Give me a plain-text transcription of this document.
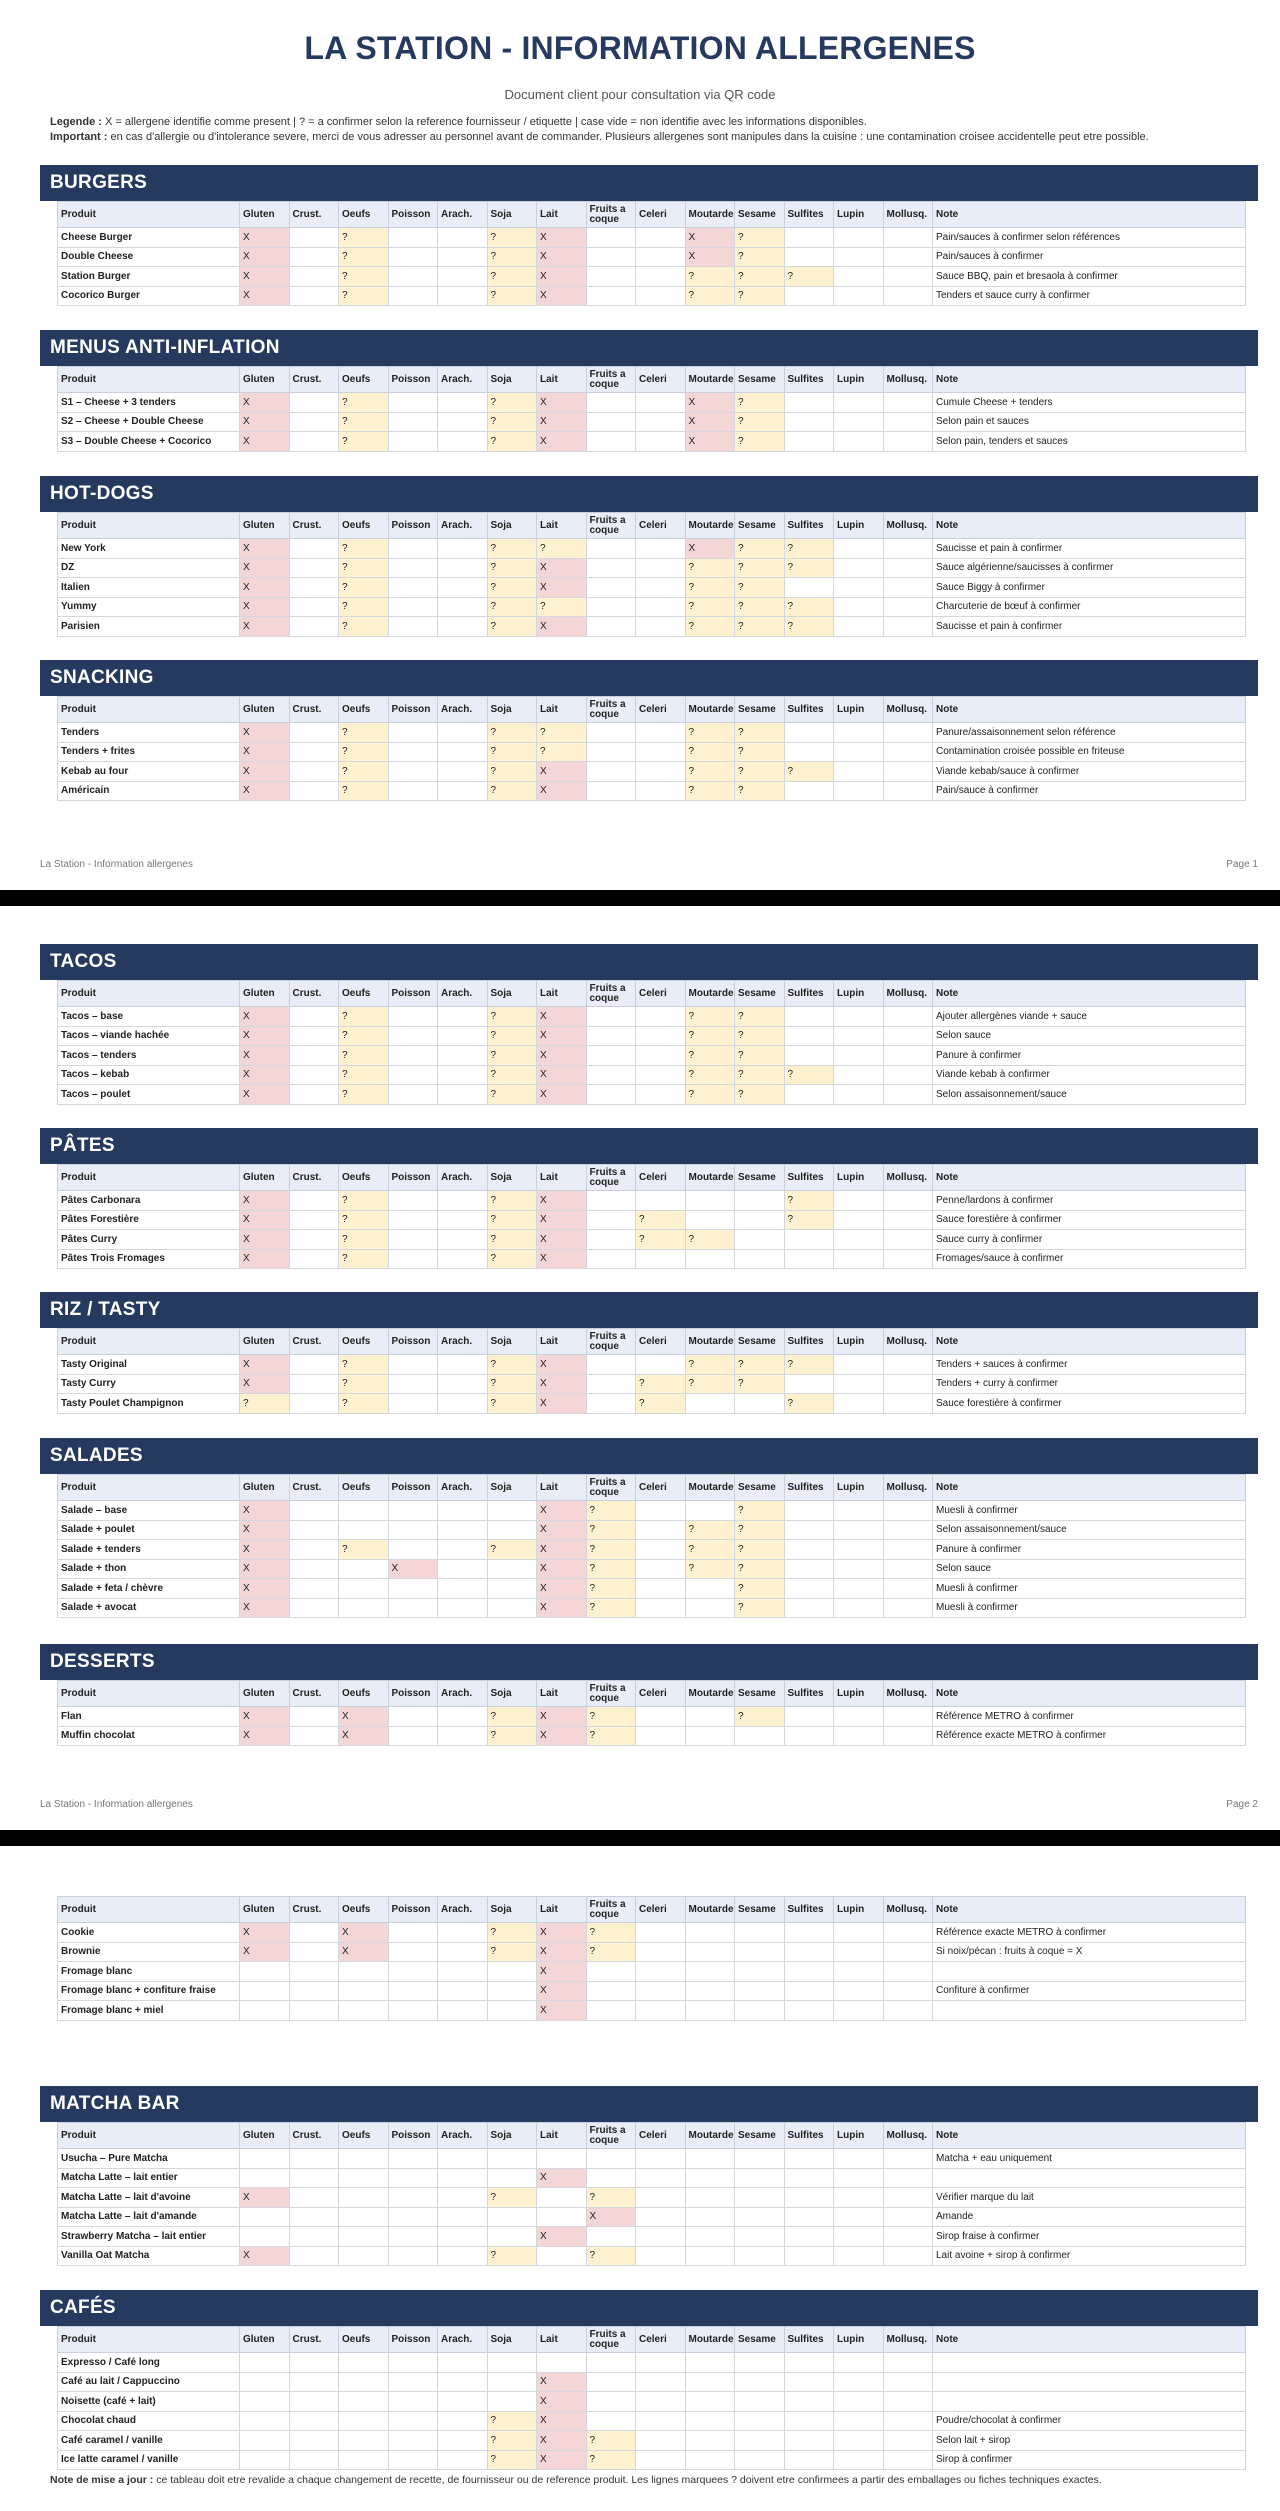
LA STATION - INFORMATION ALLERGENES
Document client pour consultation via QR code
Legende : X = allergene identifie comme present | ? = a confirmer selon la reference fournisseur / etiquette | case vide = non identifie avec les informations disponibles.
Important : en cas d'allergie ou d'intolerance severe, merci de vous adresser au personnel avant de commander. Plusieurs allergenes sont manipules dans la cuisine : une contamination croisee accidentelle peut etre possible.
BURGERS
Produit	Gluten	Crust.	Oeufs	Poisson	Arach.	Soja	Lait	Fruits a coque	Celeri	Moutarde	Sesame	Sulfites	Lupin	Mollusq.	Note
Cheese Burger	X		?			?	X			X	?				Pain/sauces à confirmer selon références
Double Cheese	X		?			?	X			X	?				Pain/sauces à confirmer
Station Burger	X		?			?	X			?	?	?			Sauce BBQ, pain et bresaola à confirmer
Cocorico Burger	X		?			?	X			?	?				Tenders et sauce curry à confirmer
MENUS ANTI-INFLATION
Produit	Gluten	Crust.	Oeufs	Poisson	Arach.	Soja	Lait	Fruits a coque	Celeri	Moutarde	Sesame	Sulfites	Lupin	Mollusq.	Note
S1 – Cheese + 3 tenders	X		?			?	X			X	?				Cumule Cheese + tenders
S2 – Cheese + Double Cheese	X		?			?	X			X	?				Selon pain et sauces
S3 – Double Cheese + Cocorico	X		?			?	X			X	?				Selon pain, tenders et sauces
HOT-DOGS
Produit	Gluten	Crust.	Oeufs	Poisson	Arach.	Soja	Lait	Fruits a coque	Celeri	Moutarde	Sesame	Sulfites	Lupin	Mollusq.	Note
New York	X		?			?	?			X	?	?			Saucisse et pain à confirmer
DZ	X		?			?	X			?	?	?			Sauce algérienne/saucisses à confirmer
Italien	X		?			?	X			?	?				Sauce Biggy à confirmer
Yummy	X		?			?	?			?	?	?			Charcuterie de bœuf à confirmer
Parisien	X		?			?	X			?	?	?			Saucisse et pain à confirmer
SNACKING
Produit	Gluten	Crust.	Oeufs	Poisson	Arach.	Soja	Lait	Fruits a coque	Celeri	Moutarde	Sesame	Sulfites	Lupin	Mollusq.	Note
Tenders	X		?			?	?			?	?				Panure/assaisonnement selon référence
Tenders + frites	X		?			?	?			?	?				Contamination croisée possible en friteuse
Kebab au four	X		?			?	X			?	?	?			Viande kebab/sauce à confirmer
Américain	X		?			?	X			?	?				Pain/sauce à confirmer
La Station - Information allergenes	Page 1
TACOS
Produit	Gluten	Crust.	Oeufs	Poisson	Arach.	Soja	Lait	Fruits a coque	Celeri	Moutarde	Sesame	Sulfites	Lupin	Mollusq.	Note
Tacos – base	X		?			?	X			?	?				Ajouter allergènes viande + sauce
Tacos – viande hachée	X		?			?	X			?	?				Selon sauce
Tacos – tenders	X		?			?	X			?	?				Panure à confirmer
Tacos – kebab	X		?			?	X			?	?	?			Viande kebab à confirmer
Tacos – poulet	X		?			?	X			?	?				Selon assaisonnement/sauce
PÂTES
Produit	Gluten	Crust.	Oeufs	Poisson	Arach.	Soja	Lait	Fruits a coque	Celeri	Moutarde	Sesame	Sulfites	Lupin	Mollusq.	Note
Pâtes Carbonara	X		?			?	X					?			Penne/lardons à confirmer
Pâtes Forestière	X		?			?	X		?			?			Sauce forestière à confirmer
Pâtes Curry	X		?			?	X		?	?					Sauce curry à confirmer
Pâtes Trois Fromages	X		?			?	X								Fromages/sauce à confirmer
RIZ / TASTY
Produit	Gluten	Crust.	Oeufs	Poisson	Arach.	Soja	Lait	Fruits a coque	Celeri	Moutarde	Sesame	Sulfites	Lupin	Mollusq.	Note
Tasty Original	X		?			?	X			?	?	?			Tenders + sauces à confirmer
Tasty Curry	X		?			?	X		?	?	?				Tenders + curry à confirmer
Tasty Poulet Champignon	?		?			?	X		?			?			Sauce forestière à confirmer
SALADES
Produit	Gluten	Crust.	Oeufs	Poisson	Arach.	Soja	Lait	Fruits a coque	Celeri	Moutarde	Sesame	Sulfites	Lupin	Mollusq.	Note
Salade – base	X						X	?			?				Muesli à confirmer
Salade + poulet	X						X	?		?	?				Selon assaisonnement/sauce
Salade + tenders	X		?			?	X	?		?	?				Panure à confirmer
Salade + thon	X			X			X	?		?	?				Selon sauce
Salade + feta / chèvre	X						X	?			?				Muesli à confirmer
Salade + avocat	X						X	?			?				Muesli à confirmer
DESSERTS
Produit	Gluten	Crust.	Oeufs	Poisson	Arach.	Soja	Lait	Fruits a coque	Celeri	Moutarde	Sesame	Sulfites	Lupin	Mollusq.	Note
Flan	X		X			?	X	?			?				Référence METRO à confirmer
Muffin chocolat	X		X			?	X	?							Référence exacte METRO à confirmer
La Station - Information allergenes	Page 2
Produit	Gluten	Crust.	Oeufs	Poisson	Arach.	Soja	Lait	Fruits a coque	Celeri	Moutarde	Sesame	Sulfites	Lupin	Mollusq.	Note
Cookie	X		X			?	X	?							Référence exacte METRO à confirmer
Brownie	X		X			?	X	?							Si noix/pécan : fruits à coque = X
Fromage blanc							X								
Fromage blanc + confiture fraise							X								Confiture à confirmer
Fromage blanc + miel							X								
MATCHA BAR
Produit	Gluten	Crust.	Oeufs	Poisson	Arach.	Soja	Lait	Fruits a coque	Celeri	Moutarde	Sesame	Sulfites	Lupin	Mollusq.	Note
Usucha – Pure Matcha															Matcha + eau uniquement
Matcha Latte – lait entier							X								
Matcha Latte – lait d'avoine	X					?		?							Vérifier marque du lait
Matcha Latte – lait d'amande								X							Amande
Strawberry Matcha – lait entier							X								Sirop fraise à confirmer
Vanilla Oat Matcha	X					?		?							Lait avoine + sirop à confirmer
CAFÉS
Produit	Gluten	Crust.	Oeufs	Poisson	Arach.	Soja	Lait	Fruits a coque	Celeri	Moutarde	Sesame	Sulfites	Lupin	Mollusq.	Note
Expresso / Café long															
Café au lait / Cappuccino							X								
Noisette (café + lait)							X								
Chocolat chaud						?	X								Poudre/chocolat à confirmer
Café caramel / vanille						?	X	?							Selon lait + sirop
Ice latte caramel / vanille						?	X	?							Sirop à confirmer
Note de mise a jour : ce tableau doit etre revalide a chaque changement de recette, de fournisseur ou de reference produit. Les lignes marquees ? doivent etre confirmees a partir des emballages ou fiches techniques exactes.
